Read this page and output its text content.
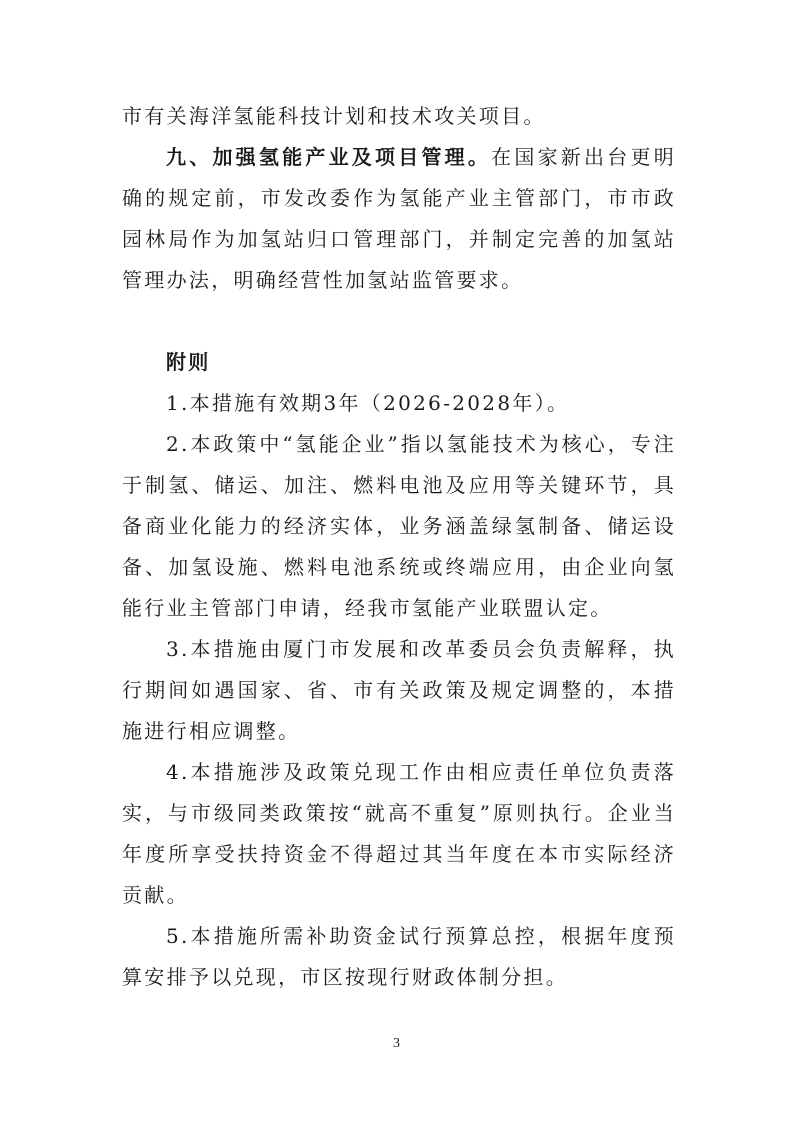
市有关海洋氢能科技计划和技术攻关项目。

九、加强氢能产业及项目管理。在国家新出台更明确的规定前，市发改委作为氢能产业主管部门，市市政园林局作为加氢站归口管理部门，并制定完善的加氢站管理办法，明确经营性加氢站监管要求。

附则

1.本措施有效期3年（2026-2028年）。

2.本政策中“氢能企业”指以氢能技术为核心，专注于制氢、储运、加注、燃料电池及应用等关键环节，具备商业化能力的经济实体，业务涵盖绿氢制备、储运设备、加氢设施、燃料电池系统或终端应用，由企业向氢能行业主管部门申请，经我市氢能产业联盟认定。

3.本措施由厦门市发展和改革委员会负责解释，执行期间如遇国家、省、市有关政策及规定调整的，本措施进行相应调整。

4.本措施涉及政策兑现工作由相应责任单位负责落实，与市级同类政策按“就高不重复”原则执行。企业当年度所享受扶持资金不得超过其当年度在本市实际经济贡献。

5.本措施所需补助资金试行预算总控，根据年度预算安排予以兑现，市区按现行财政体制分担。

3
